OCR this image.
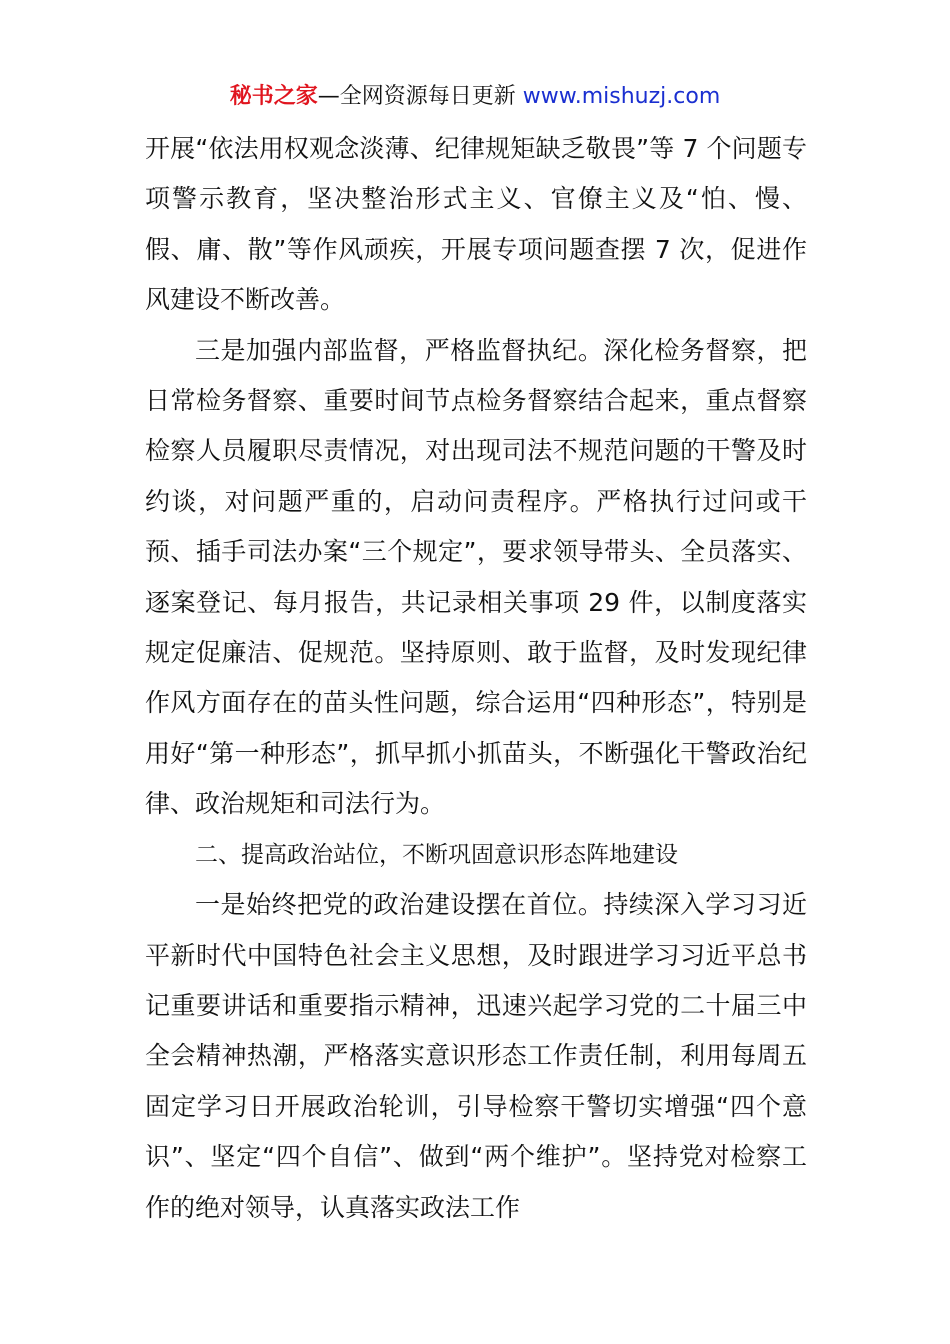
秘书之家—全网资源每日更新 www.mishuzj.com

开展“依法用权观念淡薄、纪律规矩缺乏敬畏”等 7 个问题专项警示教育，坚决整治形式主义、官僚主义及“怕、慢、假、庸、散”等作风顽疾，开展专项问题查摆 7 次，促进作风建设不断改善。

三是加强内部监督，严格监督执纪。深化检务督察，把日常检务督察、重要时间节点检务督察结合起来，重点督察检察人员履职尽责情况，对出现司法不规范问题的干警及时约谈，对问题严重的，启动问责程序。严格执行过问或干预、插手司法办案“三个规定”，要求领导带头、全员落实、逐案登记、每月报告，共记录相关事项 29 件，以制度落实规定促廉洁、促规范。坚持原则、敢于监督，及时发现纪律作风方面存在的苗头性问题，综合运用“四种形态”，特别是用好“第一种形态”，抓早抓小抓苗头，不断强化干警政治纪律、政治规矩和司法行为。

二、提高政治站位，不断巩固意识形态阵地建设

一是始终把党的政治建设摆在首位。持续深入学习习近平新时代中国特色社会主义思想，及时跟进学习习近平总书记重要讲话和重要指示精神，迅速兴起学习党的二十届三中全会精神热潮，严格落实意识形态工作责任制，利用每周五固定学习日开展政治轮训，引导检察干警切实增强“四个意识”、坚定“四个自信”、做到“两个维护”。坚持党对检察工作的绝对领导，认真落实政法工作
